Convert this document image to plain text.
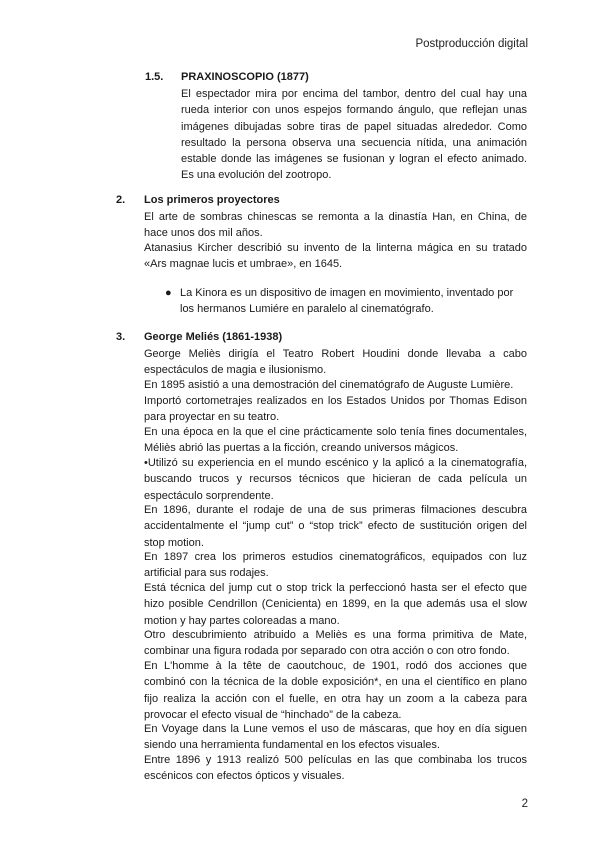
Postproducción digital
1.5. PRAXINOSCOPIO (1877)
El espectador mira por encima del tambor, dentro del cual hay una rueda interior con unos espejos formando ángulo, que reflejan unas imágenes dibujadas sobre tiras de papel situadas alrededor. Como resultado la persona observa una secuencia nítida, una animación estable donde las imágenes se fusionan y logran el efecto animado. Es una evolución del zootropo.
2. Los primeros proyectores
El arte de sombras chinescas se remonta a la dinastía Han, en China, de hace unos dos mil años.
Atanasius Kircher describió su invento de la linterna mágica en su tratado «Ars magnae lucis et umbrae», en 1645.
● La Kinora es un dispositivo de imagen en movimiento, inventado por los hermanos Lumiére en paralelo al cinematógrafo.
3. George Meliés (1861-1938)
George Meliès dirigía el Teatro Robert Houdini donde llevaba a cabo espectáculos de magia e ilusionismo.
En 1895 asistió a una demostración del cinematógrafo de Auguste Lumière.
Importó cortometrajes realizados en los Estados Unidos por Thomas Edison para proyectar en su teatro.
En una época en la que el cine prácticamente solo tenía fines documentales, Méliès abrió las puertas a la ficción, creando universos mágicos.
•Utilizó su experiencia en el mundo escénico y la aplicó a la cinematografía, buscando trucos y recursos técnicos que hicieran de cada película un espectáculo sorprendente.
En 1896, durante el rodaje de una de sus primeras filmaciones descubra accidentalmente el “jump cut” o “stop trick” efecto de sustitución origen del stop motion.
En 1897 crea los primeros estudios cinematográficos, equipados con luz artificial para sus rodajes.
Está técnica del jump cut o stop trick la perfeccionó hasta ser el efecto que hizo posible Cendrillon (Cenicienta) en 1899, en la que además usa el slow motion y hay partes coloreadas a mano.
Otro descubrimiento atribuido a Meliès es una forma primitiva de Mate, combinar una figura rodada por separado con otra acción o con otro fondo.
En L'homme à la tête de caoutchouc, de 1901, rodó dos acciones que combinó con la técnica de la doble exposición*, en una el científico en plano fijo realiza la acción con el fuelle, en otra hay un zoom a la cabeza para provocar el efecto visual de “hinchado” de la cabeza.
En Voyage dans la Lune vemos el uso de máscaras, que hoy en día siguen siendo una herramienta fundamental en los efectos visuales.
Entre 1896 y 1913 realizó 500 películas en las que combinaba los trucos escénicos con efectos ópticos y visuales.
2
